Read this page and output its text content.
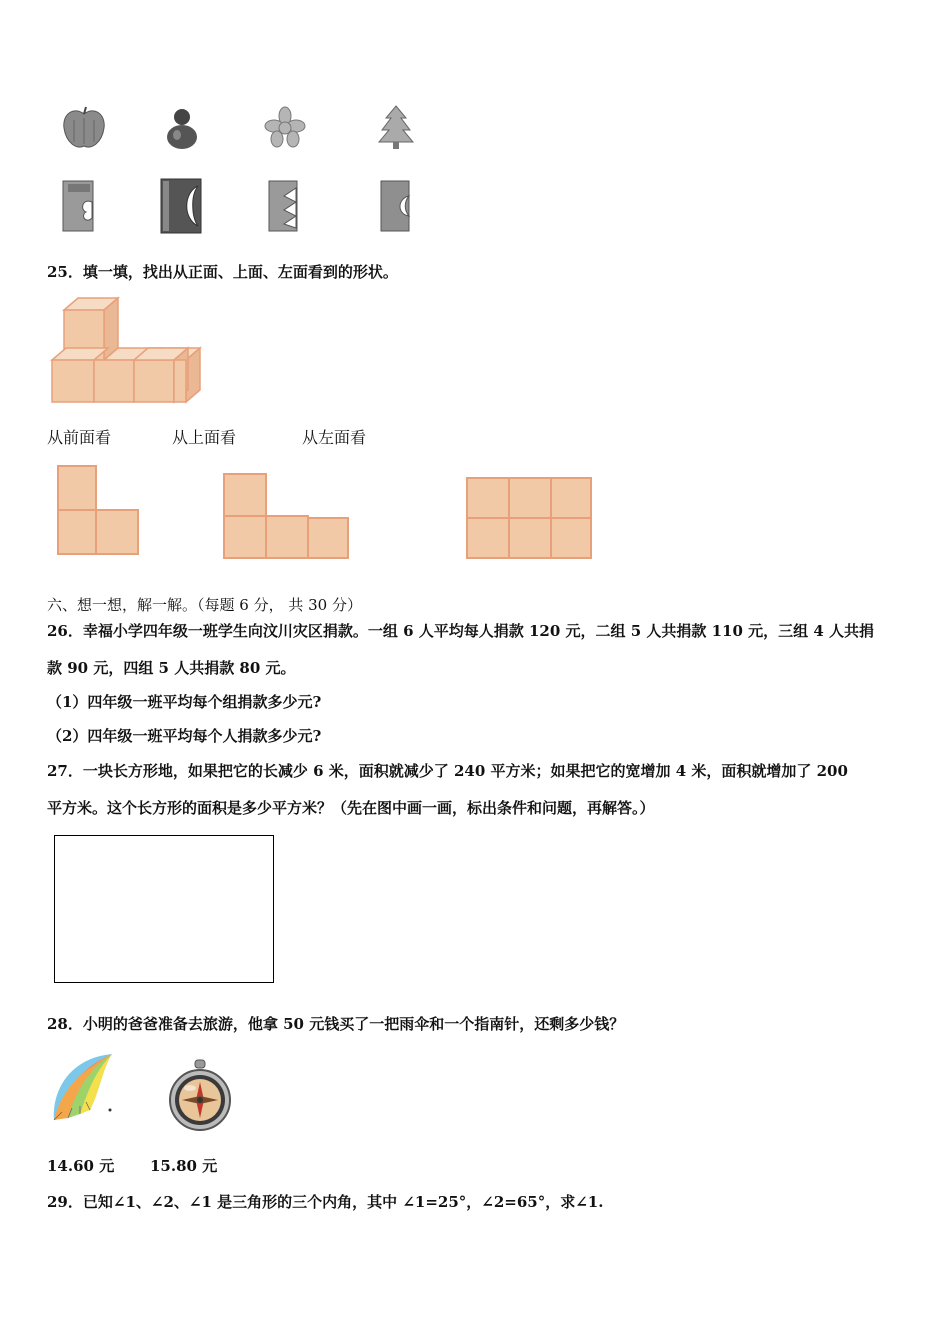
25．填一填，找出从正面、上面、左面看到的形状。
从前面看	从上面看	从左面看
六、想一想，解一解。（每题 6 分， 共 30 分）
26．幸福小学四年级一班学生向汶川灾区捐款。一组 6 人平均每人捐款 120 元，二组 5 人共捐款 110 元，三组 4 人共捐
款 90 元，四组 5 人共捐款 80 元。
（1）四年级一班平均每个组捐款多少元?
（2）四年级一班平均每个人捐款多少元?
27．一块长方形地，如果把它的长减少 6 米，面积就减少了 240 平方米；如果把它的宽增加 4 米，面积就增加了 200
平方米。这个长方形的面积是多少平方米？（先在图中画一画，标出条件和问题，再解答。）
28．小明的爸爸准备去旅游，他拿 50 元钱买了一把雨伞和一个指南针，还剩多少钱？
14.60 元 15.80 元
29．已知∠1、∠2、∠1 是三角形的三个内角，其中 ∠1=25°，∠2=65°，求∠1.
